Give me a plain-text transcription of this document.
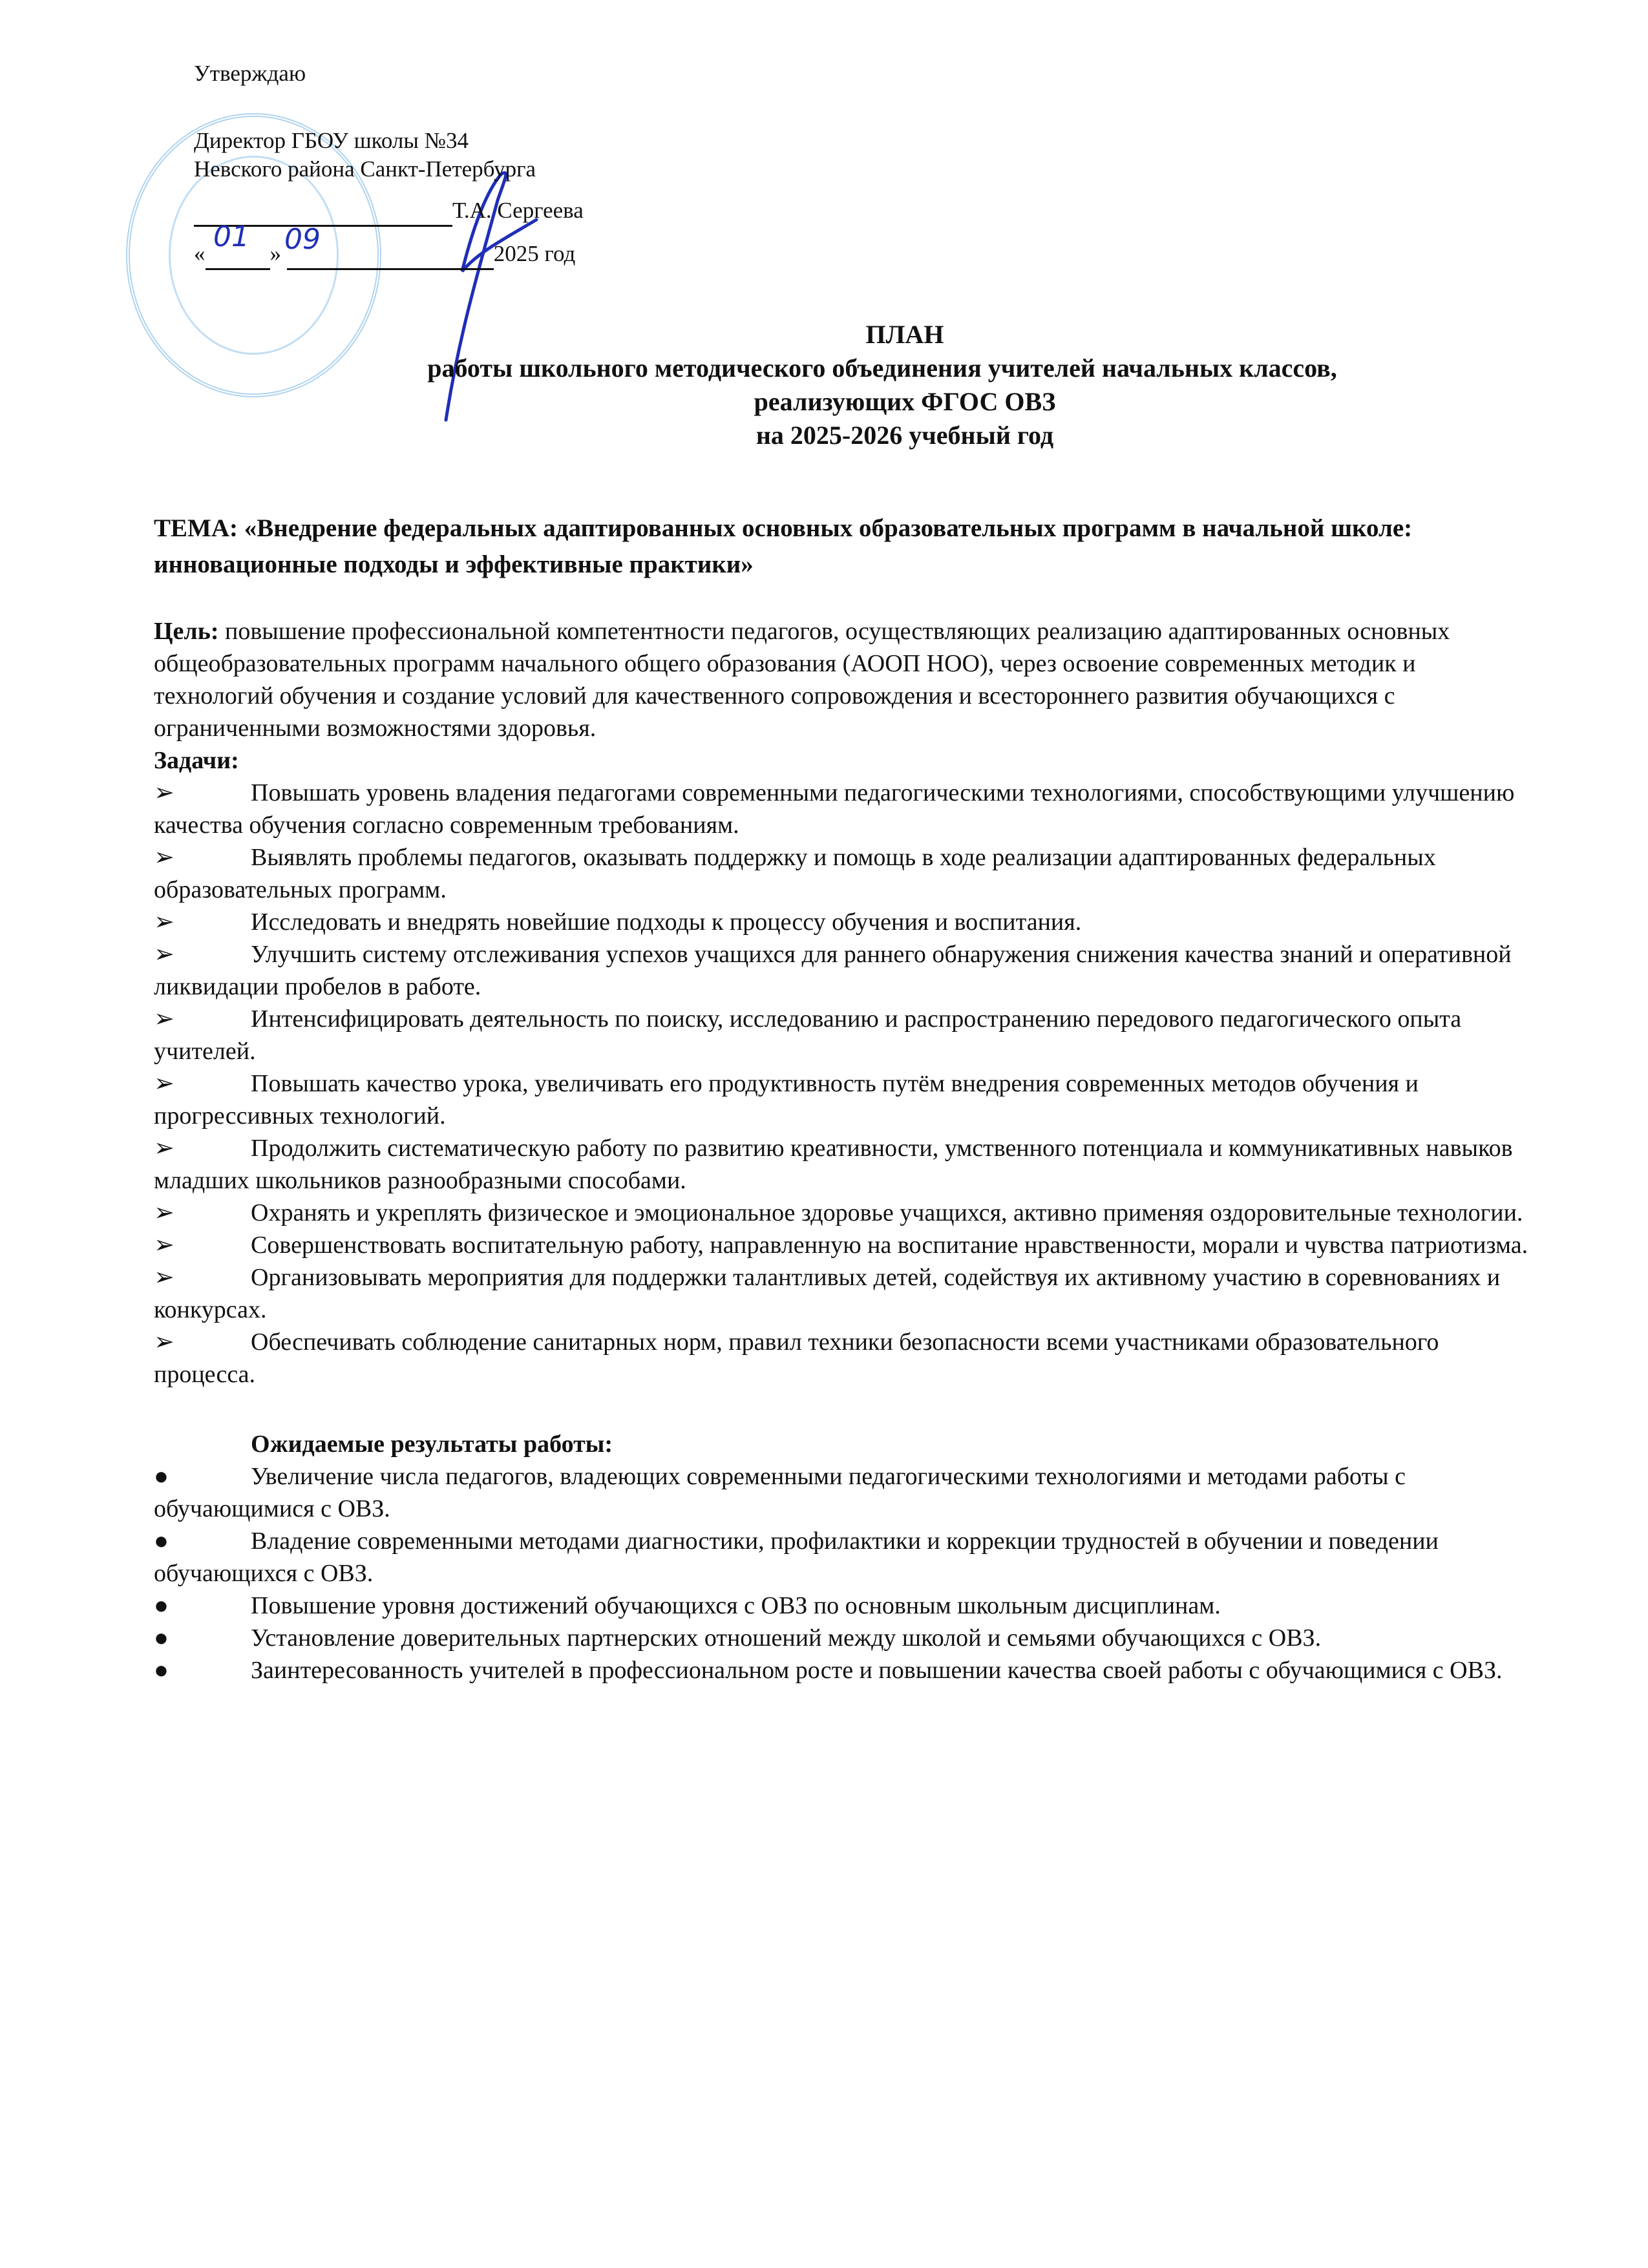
Утверждаю
Директор ГБОУ школы №34
Невского района Санкт-Петербурга
Т.А. Сергеева
«	»	2025 год
01 09
ПЛАН
работы школьного методического объединения учителей начальных классов,
реализующих ФГОС ОВЗ
на 2025-2026 учебный год
ТЕМА: «Внедрение федеральных адаптированных основных образовательных программ в начальной школе: инновационные подходы и эффективные практики»
Цель: повышение профессиональной компетентности педагогов, осуществляющих реализацию адаптированных основных общеобразовательных программ начального общего образования (АООП НОО), через освоение современных методик и технологий обучения и создание условий для качественного сопровождения и всестороннего развития обучающихся с ограниченными возможностями здоровья.
Задачи:
➢	Повышать уровень владения педагогами современными педагогическими технологиями, способствующими улучшению качества обучения согласно современным требованиям.
➢	Выявлять проблемы педагогов, оказывать поддержку и помощь в ходе реализации адаптированных федеральных образовательных программ.
➢	Исследовать и внедрять новейшие подходы к процессу обучения и воспитания.
➢	Улучшить систему отслеживания успехов учащихся для раннего обнаружения снижения качества знаний и оперативной ликвидации пробелов в работе.
➢	Интенсифицировать деятельность по поиску, исследованию и распространению передового педагогического опыта учителей.
➢	Повышать качество урока, увеличивать его продуктивность путём внедрения современных методов обучения и прогрессивных технологий.
➢	Продолжить систематическую работу по развитию креативности, умственного потенциала и коммуникативных навыков младших школьников разнообразными способами.
➢	Охранять и укреплять физическое и эмоциональное здоровье учащихся, активно применяя оздоровительные технологии.
➢	Совершенствовать воспитательную работу, направленную на воспитание нравственности, морали и чувства патриотизма.
➢	Организовывать мероприятия для поддержки талантливых детей, содействуя их активному участию в соревнованиях и конкурсах.
➢	Обеспечивать соблюдение санитарных норм, правил техники безопасности всеми участниками образовательного процесса.
Ожидаемые результаты работы:
●	Увеличение числа педагогов, владеющих современными педагогическими технологиями и методами работы с обучающимися с ОВЗ.
●	Владение современными методами диагностики, профилактики и коррекции трудностей в обучении и поведении обучающихся с ОВЗ.
●	Повышение уровня достижений обучающихся с ОВЗ по основным школьным дисциплинам.
●	Установление доверительных партнерских отношений между школой и семьями обучающихся с ОВЗ.
●	Заинтересованность учителей в профессиональном росте и повышении качества своей работы с обучающимися с ОВЗ.
